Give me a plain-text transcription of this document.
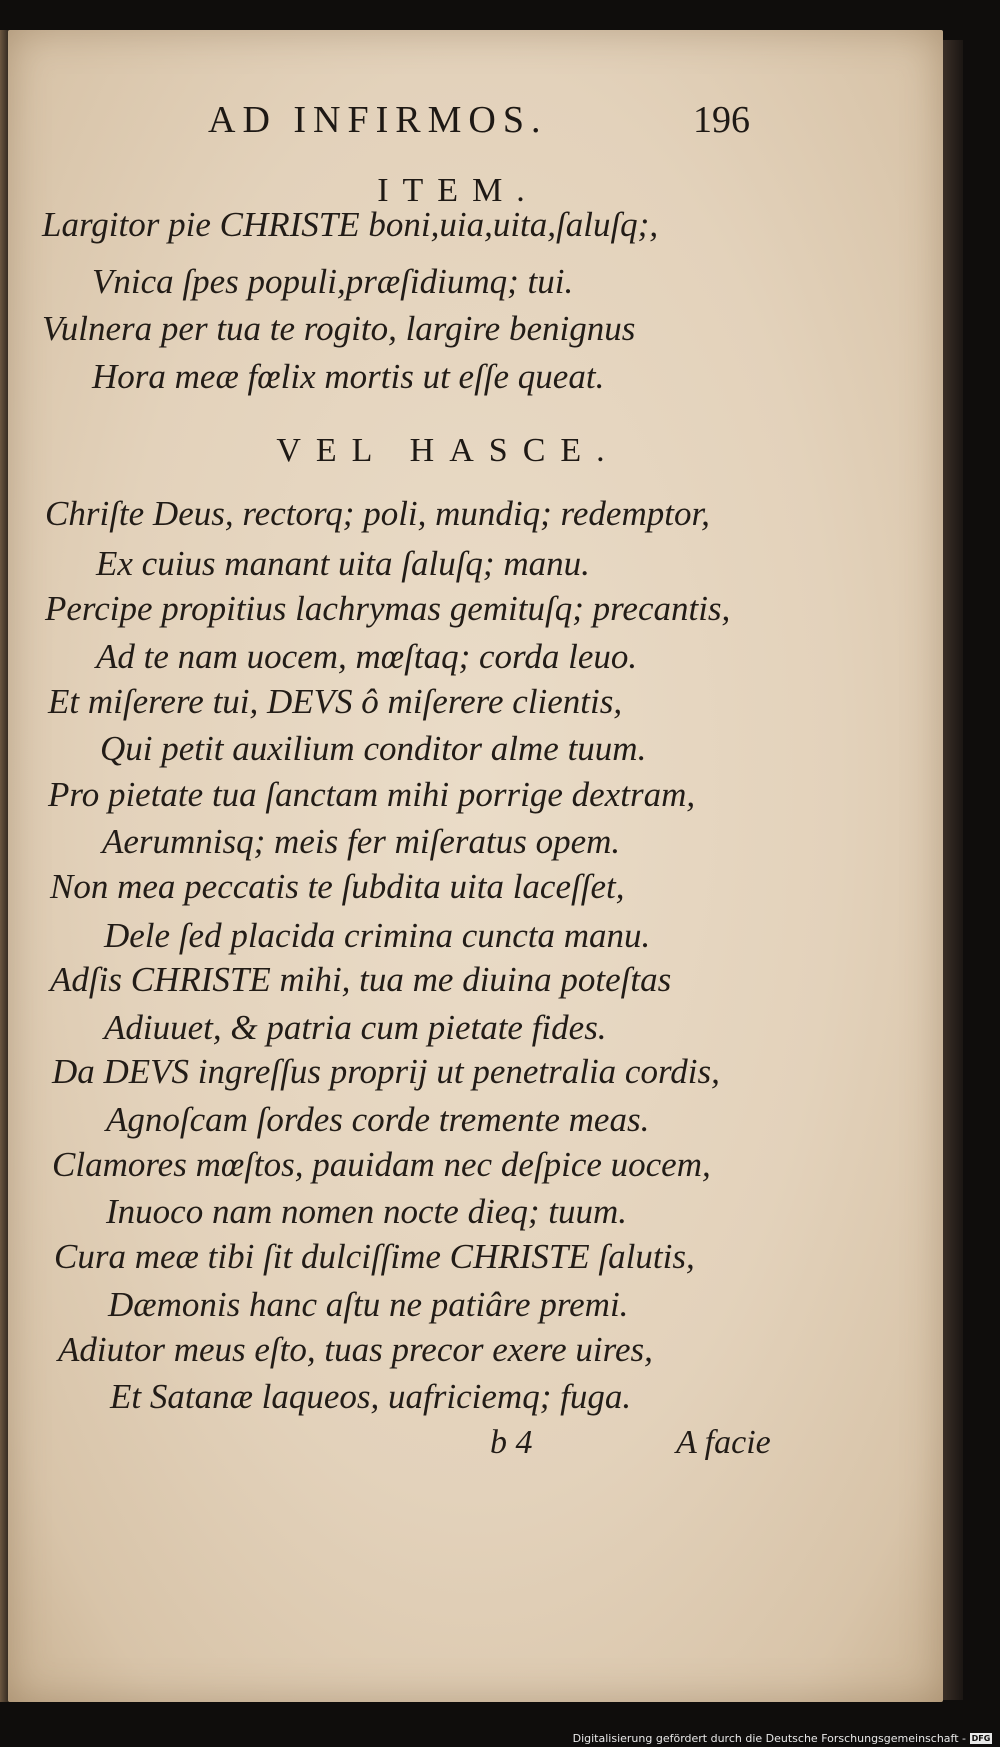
AD INFIRMOS.	196
ITEM.
Largitor pie CHRISTE boni,uia,uita,ſaluſq;,
Vnica ſpes populi,præſidiumq; tui.
Vulnera per tua te rogito, largire benignus
Hora meæ fœlix mortis ut eſſe queat.
VEL HASCE.
Chriſte Deus, rectorq; poli, mundiq; redemptor,
Ex cuius manant uita ſaluſq; manu.
Percipe propitius lachrymas gemituſq; precantis,
Ad te nam uocem, mœſtaq; corda leuo.
Et miſerere tui, DEVS ô miſerere clientis,
Qui petit auxilium conditor alme tuum.
Pro pietate tua ſanctam mihi porrige dextram,
Aerumnisq; meis fer miſeratus opem.
Non mea peccatis te ſubdita uita laceſſet,
Dele ſed placida crimina cuncta manu.
Adſis CHRISTE mihi, tua me diuina poteſtas
Adiuuet, & patria cum pietate fides.
Da DEVS ingreſſus proprij ut penetralia cordis,
Agnoſcam ſordes corde tremente meas.
Clamores mœſtos, pauidam nec deſpice uocem,
Inuoco nam nomen nocte dieq; tuum.
Cura meæ tibi ſit dulciſſime CHRISTE ſalutis,
Dæmonis hanc aſtu ne patiâre premi.
Adiutor meus eſto, tuas precor exere uires,
Et Satanæ laqueos, uafriciemq; fuga.
b 4	A facie
Digitalisierung gefördert durch die Deutsche Forschungsgemeinschaft - DFG
